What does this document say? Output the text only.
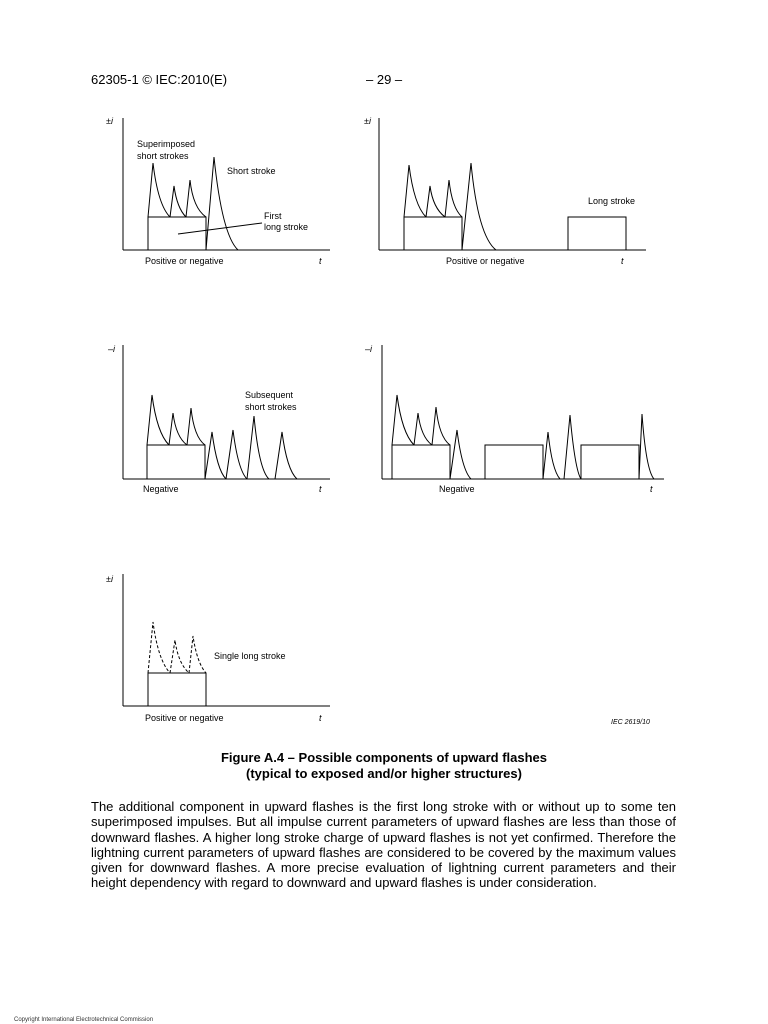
62305-1 © IEC:2010(E)	– 29 –
±i
Superimposed
short strokes
Short stroke
First
long stroke
Positive or negative	t
±i
Long stroke
Positive or negative	t
–i
Subsequent
short strokes
Negative	t
–i
Negative	t
±i
Single long stroke
Positive or negative	t	IEC 2619/10
Figure A.4 – Possible components of upward flashes
(typical to exposed and/or higher structures)
The additional component in upward flashes is the first long stroke with or without up to some ten superimposed impulses. But all impulse current parameters of upward flashes are less than those of downward flashes. A higher long stroke charge of upward flashes is not yet confirmed. Therefore the lightning current parameters of upward flashes are considered to be covered by the maximum values given for downward flashes. A more precise evaluation of lightning current parameters and their height dependency with regard to downward and upward flashes is under consideration.
Copyright International Electrotechnical Commission
